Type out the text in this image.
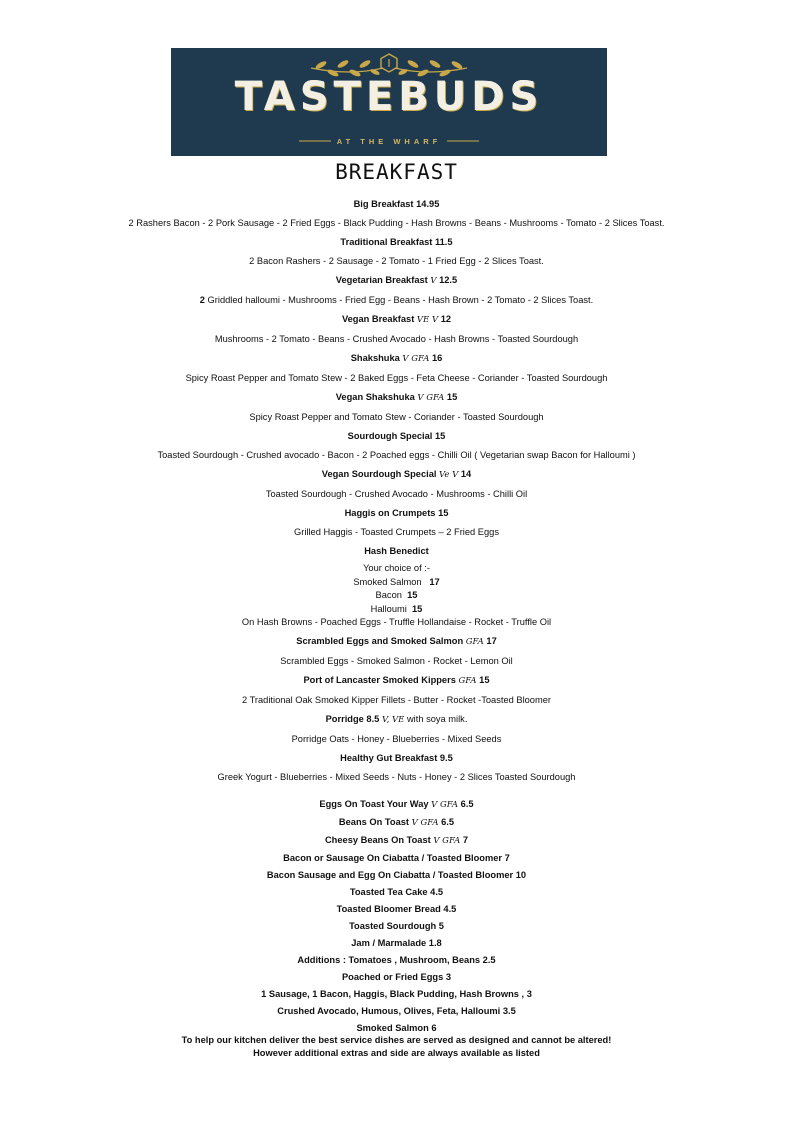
TASTEBUDS
AT THE WHARF
BREAKFAST
Big Breakfast 14.95
2 Rashers Bacon - 2 Pork Sausage - 2 Fried Eggs - Black Pudding - Hash Browns - Beans - Mushrooms - Tomato - 2 Slices Toast.
Traditional Breakfast 11.5
2 Bacon Rashers - 2 Sausage - 2 Tomato - 1 Fried Egg - 2 Slices Toast.
Vegetarian Breakfast V 12.5
2 Griddled halloumi - Mushrooms - Fried Egg - Beans - Hash Brown - 2 Tomato - 2 Slices Toast.
Vegan Breakfast VE V 12
Mushrooms - 2 Tomato - Beans - Crushed Avocado - Hash Browns - Toasted Sourdough
Shakshuka V GFA 16
Spicy Roast Pepper and Tomato Stew - 2 Baked Eggs - Feta Cheese - Coriander - Toasted Sourdough
Vegan Shakshuka V GFA 15
Spicy Roast Pepper and Tomato Stew - Coriander - Toasted Sourdough
Sourdough Special 15
Toasted Sourdough - Crushed avocado - Bacon - 2 Poached eggs - Chilli Oil ( Vegetarian swap Bacon for Halloumi )
Vegan Sourdough Special Ve V 14
Toasted Sourdough - Crushed Avocado - Mushrooms - Chilli Oil
Haggis on Crumpets 15
Grilled Haggis - Toasted Crumpets – 2 Fried Eggs
Hash Benedict
Your choice of :-
Smoked Salmon 17
Bacon 15
Halloumi 15
On Hash Browns - Poached Eggs - Truffle Hollandaise - Rocket - Truffle Oil
Scrambled Eggs and Smoked Salmon GFA 17
Scrambled Eggs - Smoked Salmon - Rocket - Lemon Oil
Port of Lancaster Smoked Kippers GFA 15
2 Traditional Oak Smoked Kipper Fillets - Butter - Rocket -Toasted Bloomer
Porridge 8.5 V, VE with soya milk.
Porridge Oats - Honey - Blueberries - Mixed Seeds
Healthy Gut Breakfast 9.5
Greek Yogurt - Blueberries - Mixed Seeds - Nuts - Honey - 2 Slices Toasted Sourdough
Eggs On Toast Your Way V GFA 6.5
Beans On Toast V GFA 6.5
Cheesy Beans On Toast V GFA 7
Bacon or Sausage On Ciabatta / Toasted Bloomer 7
Bacon Sausage and Egg On Ciabatta / Toasted Bloomer 10
Toasted Tea Cake 4.5
Toasted Bloomer Bread 4.5
Toasted Sourdough 5
Jam / Marmalade 1.8
Additions : Tomatoes , Mushroom, Beans 2.5
Poached or Fried Eggs 3
1 Sausage, 1 Bacon, Haggis, Black Pudding, Hash Browns , 3
Crushed Avocado, Humous, Olives, Feta, Halloumi 3.5
Smoked Salmon 6
To help our kitchen deliver the best service dishes are served as designed and cannot be altered!
However additional extras and side are always available as listed
